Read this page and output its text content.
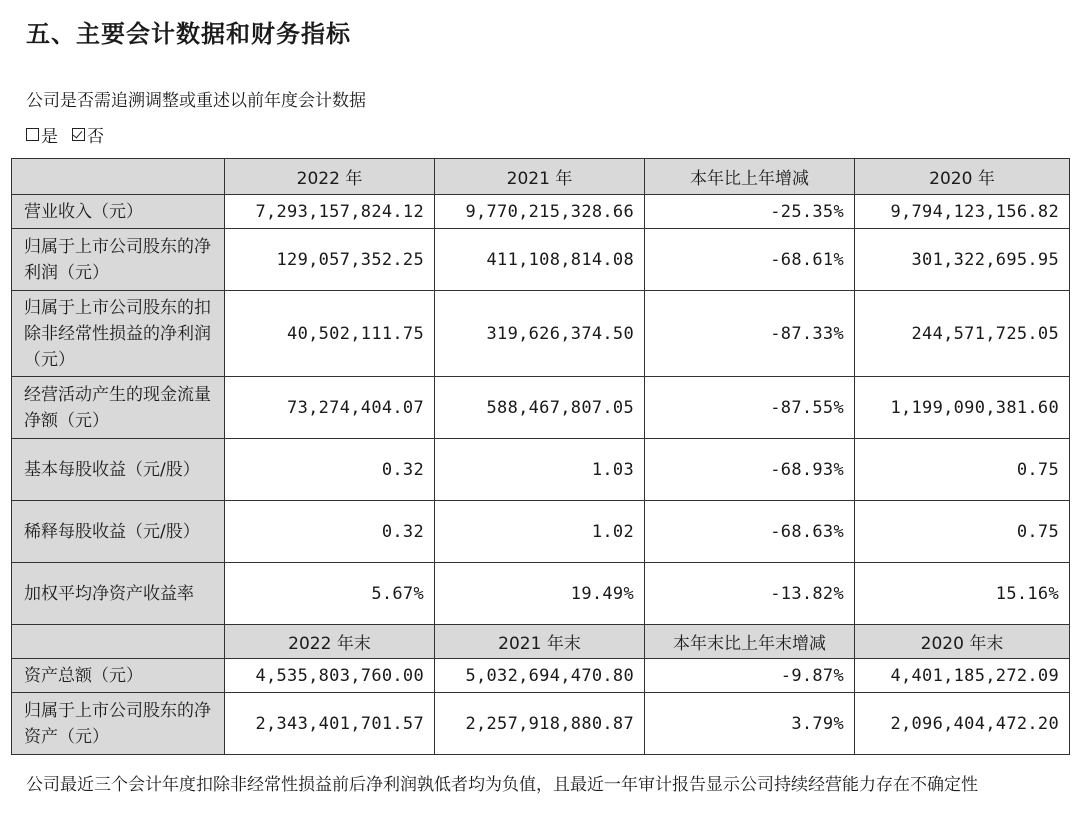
五、主要会计数据和财务指标
公司是否需追溯调整或重述以前年度会计数据
是 否
	2022 年	2021 年	本年比上年增减	2020 年
营业收入（元）	7,293,157,824.12	9,770,215,328.66	-25.35%	9,794,123,156.82
归属于上市公司股东的净利润（元）	129,057,352.25	411,108,814.08	-68.61%	301,322,695.95
归属于上市公司股东的扣除非经常性损益的净利润（元）	40,502,111.75	319,626,374.50	-87.33%	244,571,725.05
经营活动产生的现金流量净额（元）	73,274,404.07	588,467,807.05	-87.55%	1,199,090,381.60
基本每股收益（元/股）	0.32	1.03	-68.93%	0.75
稀释每股收益（元/股）	0.32	1.02	-68.63%	0.75
加权平均净资产收益率	5.67%	19.49%	-13.82%	15.16%
	2022 年末	2021 年末	本年末比上年末增减	2020 年末
资产总额（元）	4,535,803,760.00	5,032,694,470.80	-9.87%	4,401,185,272.09
归属于上市公司股东的净资产（元）	2,343,401,701.57	2,257,918,880.87	3.79%	2,096,404,472.20
公司最近三个会计年度扣除非经常性损益前后净利润孰低者均为负值，且最近一年审计报告显示公司持续经营能力存在不确定性
